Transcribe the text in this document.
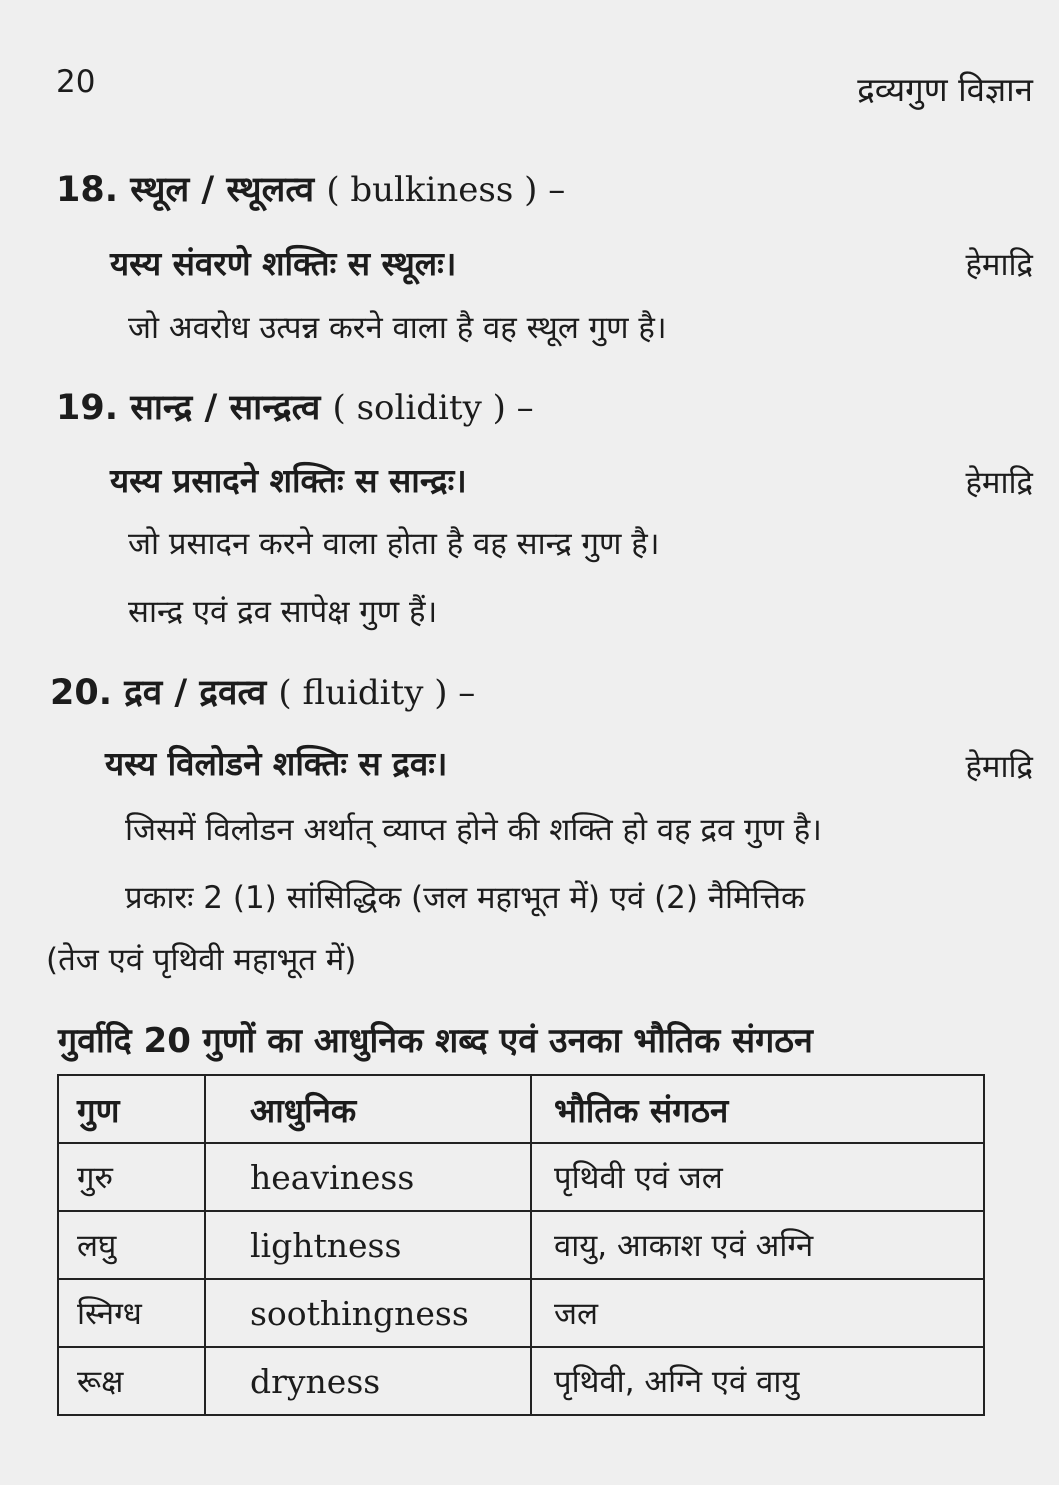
20	द्रव्यगुण विज्ञान
18. स्थूल / स्थूलत्व ( bulkiness ) –
यस्य संवरणे शक्तिः स स्थूलः।	हेमाद्रि
जो अवरोध उत्पन्न करने वाला है वह स्थूल गुण है।
19. सान्द्र / सान्द्रत्व ( solidity ) –
यस्य प्रसादने शक्तिः स सान्द्रः।	हेमाद्रि
जो प्रसादन करने वाला होता है वह सान्द्र गुण है।
सान्द्र एवं द्रव सापेक्ष गुण हैं।
20. द्रव / द्रवत्व ( fluidity ) –
यस्य विलोडने शक्तिः स द्रवः।	हेमाद्रि
जिसमें विलोडन अर्थात् व्याप्त होने की शक्ति हो वह द्रव गुण है।
प्रकारः 2 (1) सांसिद्धिक (जल महाभूत में) एवं (2) नैमित्तिक
(तेज एवं पृथिवी महाभूत में)
गुर्वादि 20 गुणों का आधुनिक शब्द एवं उनका भौतिक संगठन
गुण	आधुनिक	भौतिक संगठन
गुरु	heaviness	पृथिवी एवं जल
लघु	lightness	वायु, आकाश एवं अग्नि
स्निग्ध	soothingness	जल
रूक्ष	dryness	पृथिवी, अग्नि एवं वायु
